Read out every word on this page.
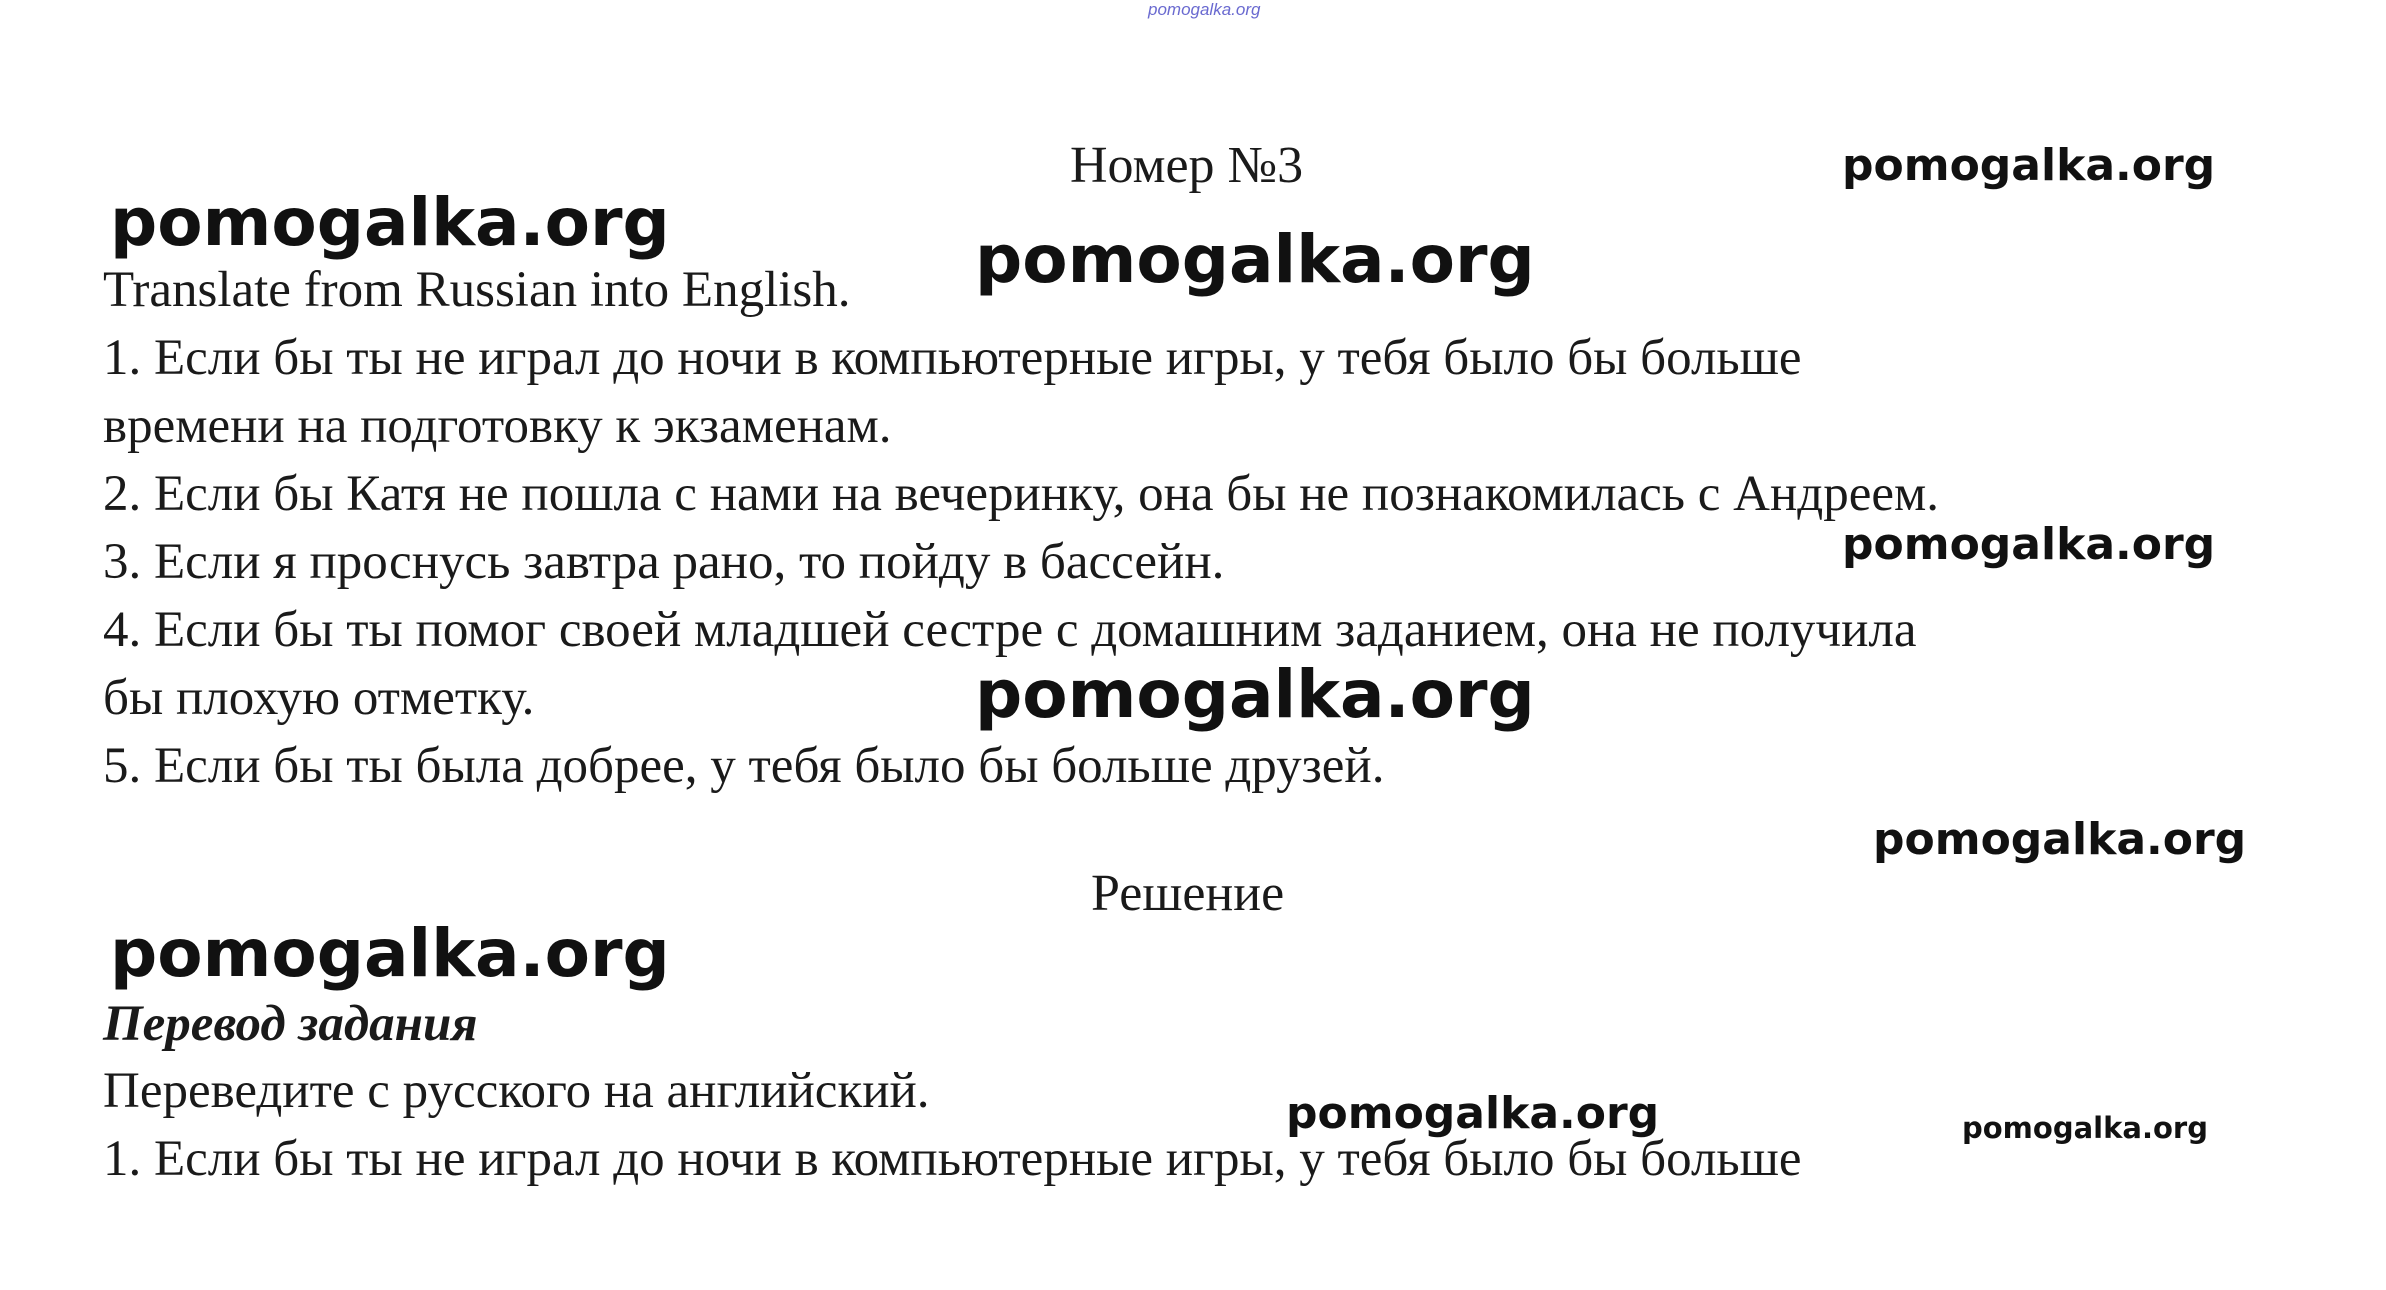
pomogalka.org
Номер №3
Translate from Russian into English.
1. Если бы ты не играл до ночи в компьютерные игры, у тебя было бы больше
времени на подготовку к экзаменам.
2. Если бы Катя не пошла с нами на вечеринку, она бы не познакомилась с Андреем.
3. Если я проснусь завтра рано, то пойду в бассейн.
4. Если бы ты помог своей младшей сестре с домашним заданием, она не получила
бы плохую отметку.
5. Если бы ты была добрее, у тебя было бы больше друзей.
Решение
Перевод задания
Переведите с русского на английский.
1. Если бы ты не играл до ночи в компьютерные игры, у тебя было бы больше
pomogalka.org	pomogalka.org
pomogalka.org
pomogalka.org
pomogalka.org
pomogalka.org
pomogalka.org
pomogalka.org	pomogalka.org
